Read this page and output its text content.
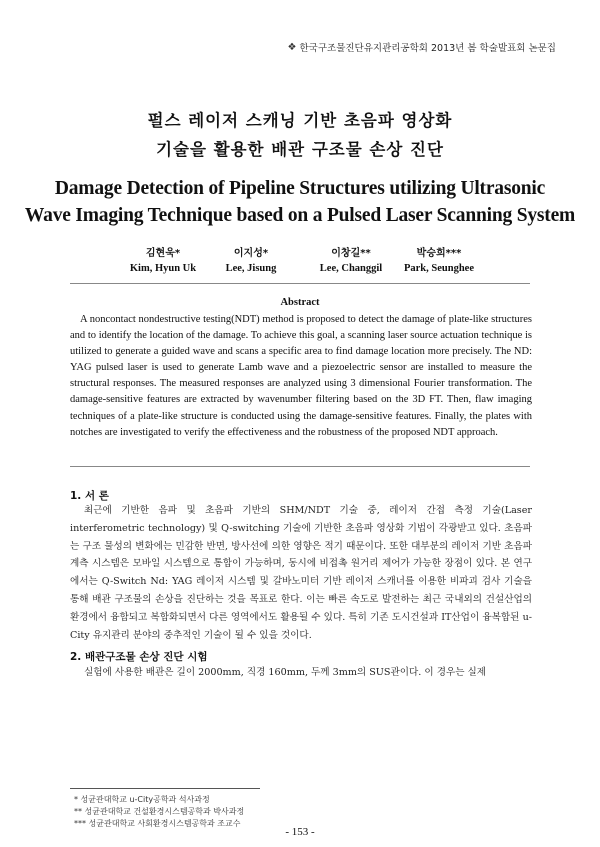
❖ 한국구조물진단유지관리공학회 2013년 봄 학술발표회 논문집
펄스 레이저 스캐닝 기반 초음파 영상화
기술을 활용한 배관 구조물 손상 진단
Damage Detection of Pipeline Structures utilizing Ultrasonic
Wave Imaging Technique based on a Pulsed Laser Scanning System
김현욱*
Kim, Hyun Uk
이지성*
Lee, Jisung
이창길**
Lee, Changgil
박승희***
Park, Seunghee
Abstract
A noncontact nondestructive testing(NDT) method is proposed to detect the damage of plate-like structures and to identify the location of the damage. To achieve this goal, a scanning laser source actuation technique is utilized to generate a guided wave and scans a specific area to find damage location more precisely. The ND: YAG pulsed laser is used to generate Lamb wave and a piezoelectric sensor are installed to measure the structural responses. The measured responses are analyzed using 3 dimensional Fourier transformation. The damage-sensitive features are extracted by wavenumber filtering based on the 3D FT. Then, flaw imaging techniques of a plate-like structure is conducted using the damage-sensitive features. Finally, the plates with notches are investigated to verify the effectiveness and the robustness of the proposed NDT approach.
1. 서 론
최근에 기반한 음파 및 초음파 기반의 SHM/NDT 기술 중, 레이저 간접 측정 기술(Laser interferometric technology) 및 Q-switching 기술에 기반한 초음파 영상화 기법이 각광받고 있다. 초음파는 구조 물성의 변화에는 민감한 반면, 방사선에 의한 영향은 적기 때문이다. 또한 대부분의 레이저 기반 초음파 계측 시스템은 모바일 시스템으로 통합이 가능하며, 동시에 비접촉 원거리 제어가 가능한 장점이 있다. 본 연구에서는 Q-Switch Nd: YAG 레이저 시스템 및 갈바노미터 기반 레이저 스캐너를 이용한 비파괴 검사 기술을 통해 배관 구조물의 손상을 진단하는 것을 목표로 한다. 이는 빠른 속도로 발전하는 최근 국내외의 건설산업의 환경에서 융합되고 복합화되면서 다른 영역에서도 활용될 수 있다. 특히 기존 도시건설과 IT산업이 융복합된 u-City 유지관리 분야의 중추적인 기술이 될 수 있을 것이다.
2. 배관구조물 손상 진단 시험
실험에 사용한 배관은 길이 2000mm, 직경 160mm, 두께 3mm의 SUS관이다. 이 경우는 실제
* 성균관대학교 u-City공학과 석사과정
** 성균관대학교 건설환경시스템공학과 박사과정
*** 성균관대학교 사회환경시스템공학과 조교수
- 153 -
